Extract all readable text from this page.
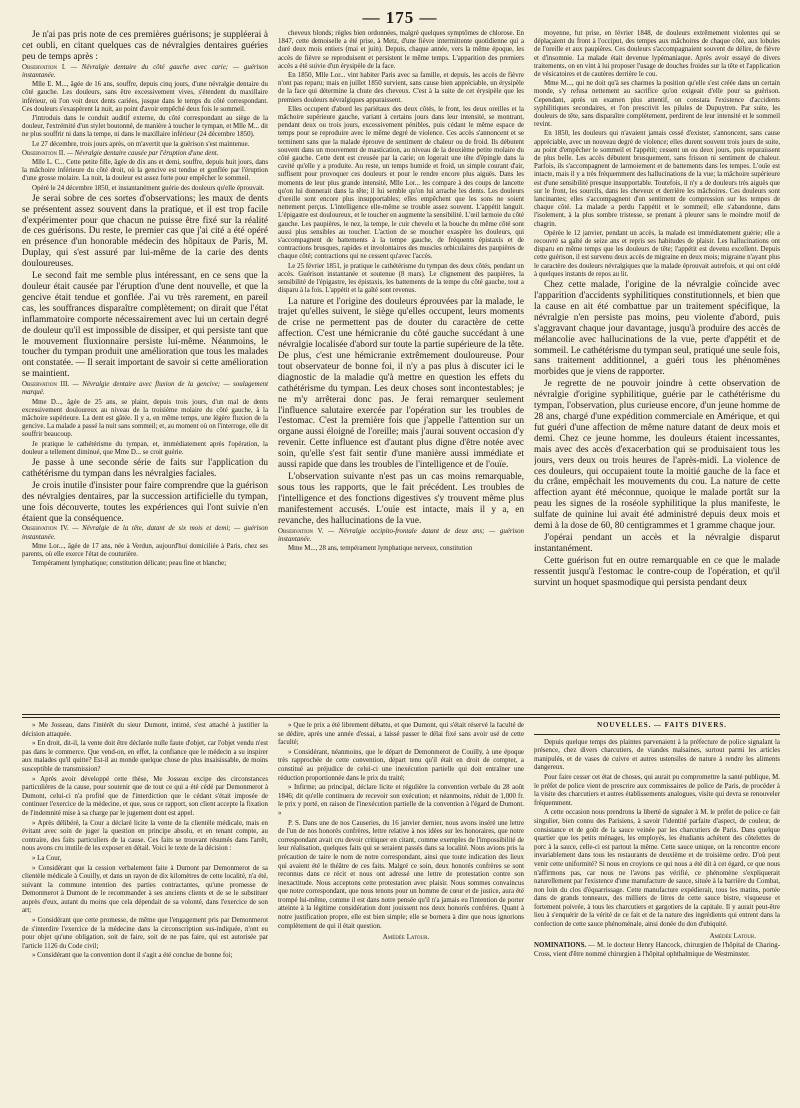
— 175 —

Je n'ai pas pris note de ces premières guérisons; je suppléerai à cet oubli, en citant quelques cas de névralgies dentaires guéries peu de temps après :

Observation I. — Névralgie dentaire du côté gauche avec carie; — guérison instantanée.

Mlle E. M..., âgée de 16 ans, souffre, depuis cinq jours, d'une névralgie dentaire du côté gauche. Les douleurs, sans être excessivement vives, s'étendent du maxillaire inférieur, où l'on voit deux dents cariées, jusque dans le temps du côté correspondant. Ces douleurs s'exaspèrent la nuit, au point d'avoir empêché deux fois le sommeil.

J'introduis dans le conduit auditif externe, du côté correspondant au siège de la douleur, l'extrémité d'un stylet boutonné, de manière à toucher le tympan, et Mlle M... dit ne plus souffrir ni dans la tempe, ni dans le maxillaire inférieur (24 décembre 1850).

Le 27 décembre, trois jours après, on m'avertit que la guérison s'est maintenue.

Observation II. — Névralgie dentaire causée par l'éruption d'une dent.

Mlle L. C... Cette petite fille, âgée de dix ans et demi, souffre, depuis huit jours, dans la mâchoire inférieure du côté droit, où la gencive est tendue et gonflée par l'éruption d'une grosse molaire. La nuit, la douleur est assez forte pour empêcher le sommeil.

Opéré le 24 décembre 1850, et instantanément guérie des douleurs qu'elle éprouvait.

Je serai sobre de ces sortes d'observations; les maux de dents se présentent assez souvent dans la pratique, et il est trop facile d'expérimenter pour que chacun ne puisse être fixé sur la réalité de ces guérisons. Du reste, le premier cas que j'ai cité a été opéré en présence d'un honorable médecin des hôpitaux de Paris, M. Duplay, qui s'est assuré par lui-même de la carie des dents douloureuses.

Le second fait me semble plus intéressant, en ce sens que la douleur était causée par l'éruption d'une dent nouvelle, et que la gencive était tendue et gonflée. J'ai vu très rarement, en pareil cas, les souffrances disparaître complètement; on dirait que l'état inflammatoire comporte nécessairement avec lui un certain degré de douleur qu'il est impossible de dissiper, et qui persiste tant que le mouvement fluxionnaire persiste lui-même. Néanmoins, le toucher du tympan produit une amélioration que tous les malades ont constatée. — Il serait important de savoir si cette amélioration se maintient.

Observation III. — Névralgie dentaire avec fluxion de la gencive; — soulagement marqué.

Mme D..., âgée de 25 ans, se plaint, depuis trois jours, d'un mal de dents excessivement douloureux au niveau de la troisième molaire du côté gauche, à la mâchoire supérieure. La dent est gâtée. Il y a, en même temps, une légère fluxion de la gencive. La malade a passé la nuit sans sommeil; et, au moment où on l'interroge, elle dit souffrir beaucoup.

Je pratique le cathétérisme du tympan, et, immédiatement après l'opération, la douleur a tellement diminué, que Mme D... se croit guérie.

Je passe à une seconde série de faits sur l'application du cathétérisme du tympan dans les névralgies faciales.

Je crois inutile d'insister pour faire comprendre que la guérison des névralgies dentaires, par la succession artificielle du tympan, une fois découverte, toutes les expériences qui l'ont suivie n'en étaient que la conséquence.

Observation IV. — Névralgie de la tête, datant de six mois et demi; — guérison instantanée.

Mme Lor..., âgée de 17 ans, née à Verdun, aujourd'hui domiciliée à Paris, chez ses parents, où elle exerce l'état de couturière.

Tempérament lymphatique; constitution délicate; peau fine et blanche;

cheveux blonds; règles bien ordonnées, malgré quelques symptômes de chlorose. En 1847, cette demoiselle a été prise, à Metz, d'une fièvre intermittente quotidienne qui a duré deux mois entiers (mai et juin). Depuis, chaque année, vers la même époque, les accès de fièvre se reproduisent et persistent le même temps. L'apparition des premiers accès a été suivie d'un érysipèle de la face.

En 1850, Mlle Lor... vint habiter Paris avec sa famille, et depuis, les accès de fièvre n'ont pas reparu; mais en juillet 1850 survient, sans cause bien appréciable, un érysipèle de la face qui détermine la chute des cheveux. C'est à la suite de cet érysipèle que les premiers douleurs névralgiques apparaissent.

Elles occupent d'abord les pariétaux des deux côtés, le front, les deux oreilles et la mâchoire supérieure gauche, variant à certains jours dans leur intensité, se montrant, pendant deux ou trois jours, excessivement pénibles, puis cédant le même espace de temps pour se reproduire avec le même degré de violence. Ces accès s'annoncent et se terminent sans que la malade éprouve de sentiment de chaleur ou de froid. Ils débutent souvent dans un mouvement de mastication, au niveau de la deuxième petite molaire du côté gauche. Cette dent est creusée par la carie; on logerait une tête d'épingle dans la cavité qu'elle y a produite. Au reste, un temps humide et froid, un simple courant d'air, suffisent pour provoquer ces douleurs et pour le rendre encore plus aiguës. Dans les moments de leur plus grande intensité, Mlle Lor... les compare à des coups de lancette qu'on lui donnerait dans la tête; il lui semble qu'on lui arrache les dents. Les douleurs d'oreille sont encore plus insupportables; elles empêchent que les sons ne soient nettement perçus. L'intelligence elle-même se trouble assez souvent. L'appétit languit. L'épigastre est douloureux, et le toucher en augmente la sensibilité. L'œil larmoie du côté gauche. Les paupières, le nez, la tempe, le cuir chevelu et la bouche du même côté sont aussi plus sensibles au toucher. L'action de se moucher exaspère les douleurs, qui s'accompagnent de battements à la tempe gauche, de fréquents épistaxis et de contractions brusques, rapides et involontaires des muscles orbiculaires des paupières de chaque côté; contractions qui ne cessent qu'avec l'accès.

Le 25 février 1851, je pratique le cathétérisme du tympan des deux côtés, pendant un accès. Guérison instantanée et soutenue (8 mars). Le clignement des paupières, la sensibilité de l'épigastre, les épistaxis, les battements de la tempe du côté gauche, tout a disparu à la fois. L'appétit et la gaîté sont revenus.

La nature et l'origine des douleurs éprouvées par la malade, le trajet qu'elles suivent, le siège qu'elles occupent, leurs moments de crise ne permettent pas de douter du caractère de cette affection. C'est une hémicranie du côté gauche succédant à une névralgie localisée d'abord sur toute la partie supérieure de la tête. De plus, c'est une hémicranie extrêmement douloureuse. Pour tout observateur de bonne foi, il n'y a pas plus à discuter ici le diagnostic de la maladie qu'à mettre en question les effets du cathétérisme du tympan. Les deux choses sont incontestables; je ne m'y arrêterai donc pas. Je ferai remarquer seulement l'influence salutaire exercée par l'opération sur les troubles de l'estomac. C'est la première fois que j'appelle l'attention sur un organe aussi éloigné de l'oreille; mais j'aurai souvent occasion d'y revenir. Cette influence est d'autant plus digne d'être notée avec soin, qu'elle s'est fait sentir d'une manière aussi immédiate et aussi rapide que dans les troubles de l'intelligence et de l'ouïe.

L'observation suivante n'est pas un cas moins remarquable, sous tous les rapports, que le fait précédent. Les troubles de l'intelligence et des fonctions digestives s'y trouvent même plus manifestement accusés. L'ouïe est intacte, mais il y a, en revanche, des hallucinations de la vue.

Observation V. — Névralgie occipito-frontale datant de deux ans; — guérison instantanée.

Mme M..., 28 ans, tempérament lymphatique nerveux, constitution

moyenne, fut prise, en février 1848, de douleurs extrêmement violentes qui se déplaçaient du front à l'occiput, des tempes aux mâchoires de chaque côté, aux lobules de l'oreille et aux paupières. Ces douleurs s'accompagnaient souvent de délire, de fièvre et d'insomnie. La malade était devenue lypémaniaque. Après avoir essayé de divers traitements, on en vint à lui proposer l'usage de douches froides sur la tête et l'application de vésicatoires et de cautères derrière le cou.

Mme M..., qui ne doit qu'à ses charmes la position qu'elle s'est créée dans un certain monde, s'y refusa nettement au sacrifice qu'on exigeait d'elle pour sa guérison. Cependant, après un examen plus attentif, on constata l'existence d'accidents syphilitiques secondaires, et l'on prescrivit les pilules de Dupuytren. Par suite, les douleurs de tête, sans disparaître complètement, perdirent de leur intensité et le sommeil revint.

En 1850, les douleurs qui n'avaient jamais cessé d'exister, s'annoncent, sans cause appréciable, avec un nouveau degré de violence; elles durent souvent trois jours de suite, au point d'empêcher le sommeil et l'appétit; cessent un ou deux jours, puis reparaissent de plus belle. Les accès débutent brusquement, sans frisson ni sentiment de chaleur. Parfois, ils s'accompagnent de larmoiement et de battements dans les tempes. L'ouïe est intacte, mais il y a très fréquemment des hallucinations de la vue; la mâchoire supérieure est d'une sensibilité presque insupportable. Toutefois, il n'y a de douleurs très aiguës que sur le front, les sourcils, dans les cheveux et derrière les mâchoires. Ces douleurs sont lancinantes; elles s'accompagnent d'un sentiment de compression sur les tempes de chaque côté. La malade a perdu l'appétit et le sommeil; elle s'abandonne, dans l'isolement, à la plus sombre tristesse, se prenant à pleurer sans le moindre motif de chagrin.

Opérée le 12 janvier, pendant un accès, la malade est immédiatement guérie; elle a recouvré sa gaîté de seize ans et repris ses habitudes de plaisir. Les hallucinations ont disparu en même temps que les douleurs de tête; l'appétit est devenu excellent. Depuis cette guérison, il est survenu deux accès de migraine en deux mois; migraine n'ayant plus le caractère des douleurs névralgiques que la malade éprouvait autrefois, et qui ont cédé à quelques instants de repos au lit.

Chez cette malade, l'origine de la névralgie coïncide avec l'apparition d'accidents syphilitiques constitutionnels, et bien que la cause en ait été combattue par un traitement spécifique, la névralgie n'en persiste pas moins, peu violente d'abord, puis s'aggravant chaque jour davantage, jusqu'à produire des accès de mélancolie avec hallucinations de la vue, perte d'appétit et de sommeil. Le cathétérisme du tympan seul, pratiqué une seule fois, sans traitement additionnel, a guéri tous les phénomènes morbides que je viens de rapporter.

Je regrette de ne pouvoir joindre à cette observation de névralgie d'origine syphilitique, guérie par le cathétérisme du tympan, l'observation, plus curieuse encore, d'un jeune homme de 28 ans, chargé d'une expédition commerciale en Amérique, et qui fut guéri d'une affection de même nature datant de deux mois et demi. Chez ce jeune homme, les douleurs étaient incessantes, mais avec des accès d'exacerbation qui se produisaient tous les jours, vers deux ou trois heures de l'après-midi. La violence de ces douleurs, qui occupaient toute la moitié gauche de la face et du crâne, empêchait les mouvements du cou. La nature de cette affection ayant été méconnue, quoique le malade portât sur la peau les signes de la roséole syphilitique la plus manifeste, le sulfate de quinine lui avait été administré depuis deux mois et demi à la dose de 60, 80 centigrammes et 1 gramme chaque jour.

J'opérai pendant un accès et la névralgie disparut instantanément.

Cette guérison fut en outre remarquable en ce que le malade ressentit jusqu'à l'estomac le contre-coup de l'opération, et qu'il survint un hoquet spasmodique qui persista pendant deux

» Me Josseau, dans l'intérêt du sieur Dumont, intimé, s'est attaché à justifier la décision attaquée.

» En droit, dit-il, la vente doit être déclarée nulle faute d'objet, car l'objet vendu n'est pas dans le commerce. Que vend-on, en effet, la confiance que le médecin a su inspirer aux malades qu'il quitte? Est-il au monde quelque chose de plus insaisissable, de moins susceptible de transmission?

» Après avoir développé cette thèse, Me Josseau excipe des circonstances particulières de la cause, pour soutenir que de tout ce qui a été cédé par Demonmerot à Dumont, celui-ci n'a profité que de l'interdiction que le cédant s'était imposée de continuer l'exercice de la médecine, et que, sous ce rapport, son client accepte la fixation de l'indemnité mise à sa charge par le jugement dont est appel.

» Après délibéré, la Cour a déclaré licite la vente de la clientèle médicale, mais en évitant avec soin de juger la question en principe absolu, et en tenant compte, au contraire, des faits particuliers de la cause. Ces faits se trouvant résumés dans l'arrêt, nous avons cru inutile de les exposer en détail. Voici le texte de la décision :

» La Cour,

» Considérant que la cession verbalement faite à Dumont par Demonmerot de sa clientèle médicale à Couilly, et dans un rayon de dix kilomètres de cette localité, n'a été, suivant la commune intention des parties contractantes, qu'une promesse de Demonmerot à Dumont de le recommander à ses anciens clients et de se le substituer auprès d'eux, autant du moins que cela dépendait de sa volonté, dans l'exercice de son art;

» Considérant que cette promesse, de même que l'engagement pris par Demonmerot de s'interdire l'exercice de la médecine dans la circonscription sus-indiquée, n'ont eu pour objet qu'une obligation, soit de faire, soit de ne pas faire, qui est autorisée par l'article 1126 du Code civil;

» Considérant que la convention dont il s'agit a été conclue de bonne foi;

» Que le prix a été librement débattu, et que Dumont, qui s'était réservé la faculté de se dédire, après une année d'essai, a laissé passer le délai fixé sans avoir usé de cette faculté;

» Considérant, néanmoins, que le départ de Demonmerot de Couilly, à une époque très rapprochée de cette convention, départ tenu qu'il était en droit de compter, a constitué au préjudice de celui-ci une inexécution partielle qui doit entraîner une réduction proportionnée dans le prix du traité;

» Infirme; au principal, déclare licite et régulière la convention verbale du 28 août 1846; dit qu'elle continuera de recevoir son exécution; et néanmoins, réduit de 1,000 fr. le prix y porté, en raison de l'inexécution partielle de la convention à l'égard de Dumont. »

P. S. Dans une de nos Causeries, du 16 janvier dernier, nous avons inséré une lettre de l'un de nos honorés confrères, lettre relative à nos idées sur les honoraires, que notre correspondant avait cru devoir critiquer en citant, comme exemples de l'impossibilité de leur réalisation, quelques faits qui se seraient passés dans sa localité. Nous avions pris la précaution de taire le nom de notre correspondant, ainsi que toute indication des lieux qui avaient été le théâtre de ces faits. Malgré ce soin, deux honorés confrères se sont reconnus dans ce récit et nous ont adressé une lettre de protestation contre son inexactitude. Nous acceptons cette protestation avec plaisir. Nous sommes convaincus que notre correspondant, que nous tenons pour un homme de cœur et de justice, aura été trompé lui-même, comme il est dans notre pensée qu'il n'a jamais eu l'intention de porter atteinte à la légitime considération dont jouissent nos deux honorés confrères. Quant à notre justification propre, elle est bien simple; elle se bornera à dire que nous ignorions complètement de qui il était question.

Amédée Latour.

NOUVELLES. — FAITS DIVERS.

Depuis quelque temps des plaintes parvenaient à la préfecture de police signalant la présence, chez divers charcutiers, de viandes malsaines, surtout parmi les articles manipulés, et de vases de cuivre et autres ustensiles de nature à rendre les aliments dangereux.

Pour faire cesser cet état de choses, qui aurait pu compromettre la santé publique, M. le préfet de police vient de prescrire aux commissaires de police de Paris, de procéder à la visite des charcutiers et autres établissements analogues, visite qui devra se renouveler fréquemment.

A cette occasion nous prendrons la liberté de signaler à M. le préfet de police ce fait singulier, bien connu des Parisiens, à savoir l'identité parfaite d'aspect, de couleur, de consistance et de goût de la sauce veinée par les charcutiers de Paris. Dans quelque quartier que les petits ménages, les employés, les étudiants achètent des côtelettes de porc à la sauce, celle-ci est partout la même. Cette sauce unique, on la rencontre encore invariablement dans tous les restaurants de deuxième et de troisième ordre. D'où peut venir cette uniformité? Si nous en croyions ce qui nous a été dit à cet égard, ce que nous n'affirmons pas, car nous ne l'avons pas vérifié, ce phénomène s'expliquerait naturellement par l'existence d'une manufacture de sauce, située à la barrière du Combat, non loin du clos d'équarrissage. Cette manufacture expédierait, tous les matins, portée dans de grands tonneaux, des milliers de litres de cette sauce bistre, visqueuse et fortement poivrée, à tous les charcutiers et gargotiers de la capitale. Il y aurait peut-être lieu à s'enquérir de la vérité de ce fait et de la nature des ingrédients qui entrent dans la confection de cette sauce phénoménale, ainsi donée du don d'ubiquité.

Amédée Latour.

NOMINATIONS. — M. le docteur Henry Hancock, chirurgien de l'hôpital de Charing-Cross, vient d'être nommé chirurgien à l'hôpital ophthalmique de Westminster.
